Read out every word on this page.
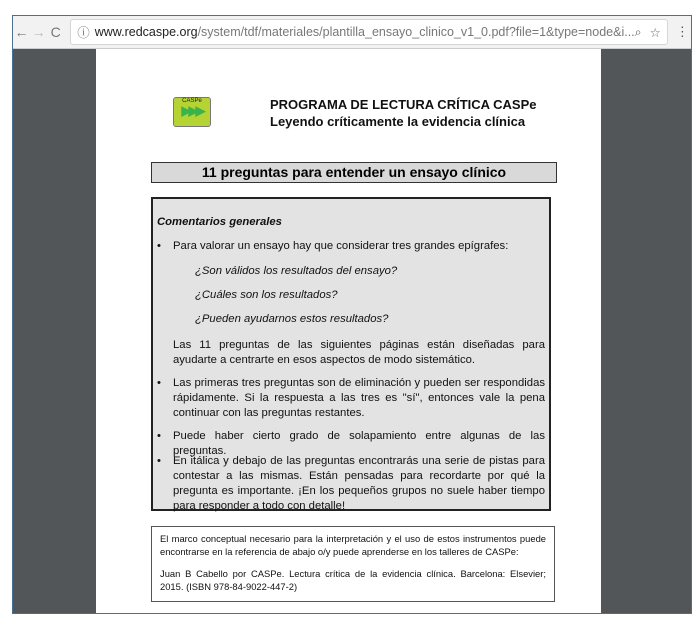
← → C ⓘ www.redcaspe.org /system/tdf/materiales/plantilla_ensayo_clinico_v1_0.pdf?file=1&type=node&i... ⌕ ☆ ⋮
CASPe
▶▶▶	PROGRAMA DE LECTURA CRÍTICA CASPe
Leyendo críticamente la evidencia clínica
11 preguntas para entender un ensayo clínico

Comentarios generales

• Para valorar un ensayo hay que considerar tres grandes epígrafes:

¿Son válidos los resultados del ensayo?

¿Cuáles son los resultados?

¿Pueden ayudarnos estos resultados?

Las 11 preguntas de las siguientes páginas están diseñadas para ayudarte a centrarte en esos aspectos de modo sistemático.

• Las primeras tres preguntas son de eliminación y pueden ser respondidas rápidamente. Si la respuesta a las tres es "sí", entonces vale la pena continuar con las preguntas restantes.

• Puede haber cierto grado de solapamiento entre algunas de las preguntas.

• En itálica y debajo de las preguntas encontrarás una serie de pistas para contestar a las mismas. Están pensadas para recordarte por qué la pregunta es importante. ¡En los pequeños grupos no suele haber tiempo para responder a todo con detalle!

El marco conceptual necesario para la interpretación y el uso de estos instrumentos puede encontrarse en la referencia de abajo o/y puede aprenderse en los talleres de CASPe:

Juan B Cabello por CASPe. Lectura crítica de la evidencia clínica. Barcelona: Elsevier; 2015. (ISBN 978-84-9022-447-2)
